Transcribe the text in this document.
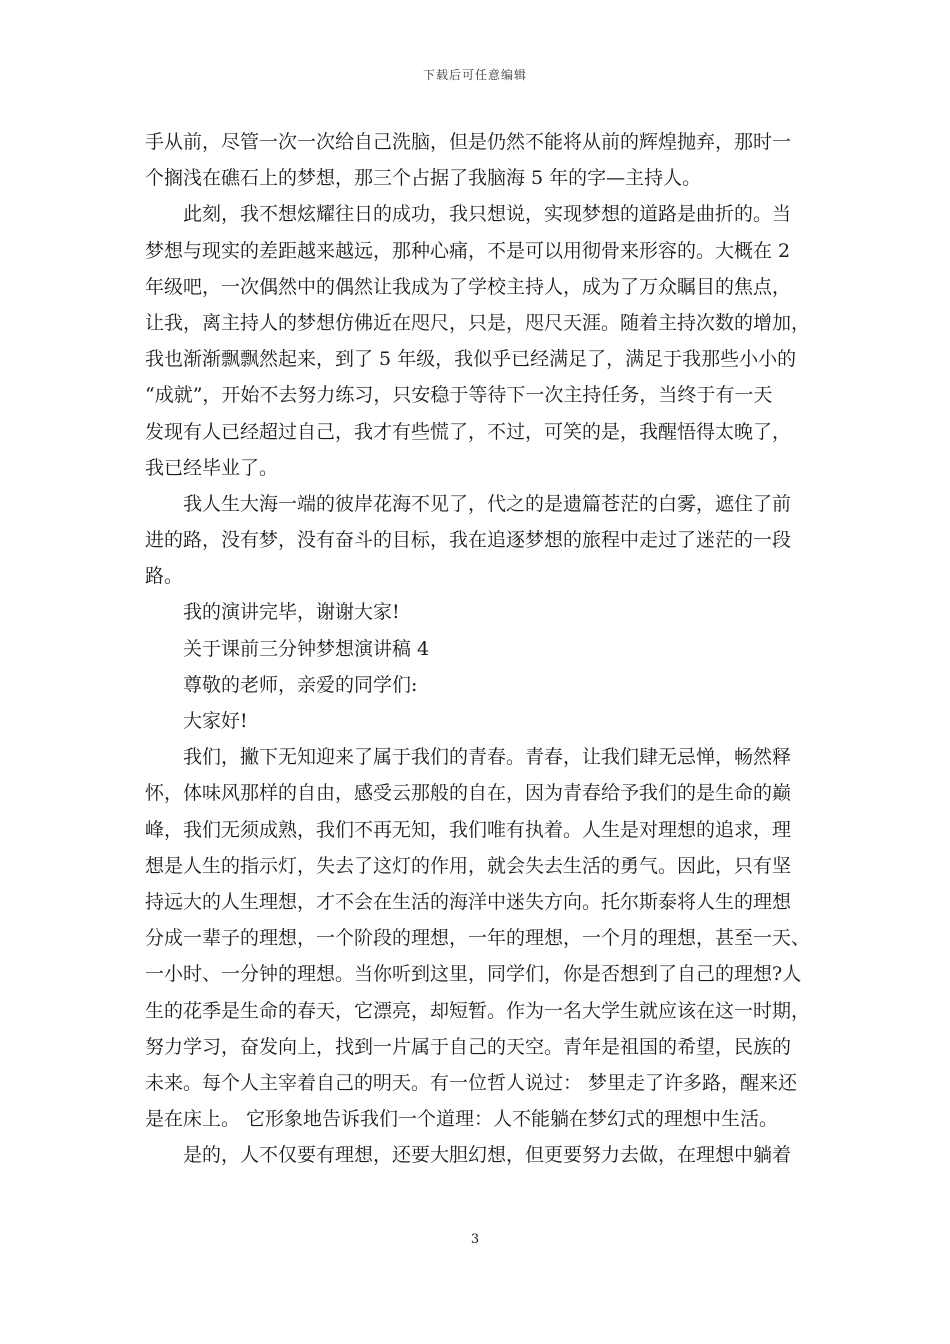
下载后可任意编辑
手从前，尽管一次一次给自己洗脑，但是仍然不能将从前的辉煌抛弃，那时一
个搁浅在礁石上的梦想，那三个占据了我脑海 5 年的字—主持人。
此刻，我不想炫耀往日的成功，我只想说，实现梦想的道路是曲折的。当
梦想与现实的差距越来越远，那种心痛，不是可以用彻骨来形容的。大概在 2
年级吧，一次偶然中的偶然让我成为了学校主持人，成为了万众瞩目的焦点，
让我，离主持人的梦想仿佛近在咫尺，只是，咫尺天涯。随着主持次数的增加，
我也渐渐飘飘然起来，到了 5 年级，我似乎已经满足了，满足于我那些小小的
“成就”，开始不去努力练习，只安稳于等待下一次主持任务，当终于有一天
发现有人已经超过自己，我才有些慌了，不过，可笑的是，我醒悟得太晚了，
我已经毕业了。
我人生大海一端的彼岸花海不见了，代之的是遗篇苍茫的白雾，遮住了前
进的路，没有梦，没有奋斗的目标，我在追逐梦想的旅程中走过了迷茫的一段
路。
我的演讲完毕，谢谢大家!
关于课前三分钟梦想演讲稿 4
尊敬的老师，亲爱的同学们:
大家好!
我们，撇下无知迎来了属于我们的青春。青春，让我们肆无忌惮，畅然释
怀，体味风那样的自由，感受云那般的自在，因为青春给予我们的是生命的巅
峰，我们无须成熟，我们不再无知，我们唯有执着。人生是对理想的追求，理
想是人生的指示灯，失去了这灯的作用，就会失去生活的勇气。因此，只有坚
持远大的人生理想，才不会在生活的海洋中迷失方向。托尔斯泰将人生的理想
分成一辈子的理想，一个阶段的理想，一年的理想，一个月的理想，甚至一天、
一小时、一分钟的理想。当你听到这里，同学们，你是否想到了自己的理想?人
生的花季是生命的春天，它漂亮，却短暂。作为一名大学生就应该在这一时期，
努力学习，奋发向上，找到一片属于自己的天空。青年是祖国的希望，民族的
未来。每个人主宰着自己的明天。有一位哲人说过： 梦里走了许多路，醒来还
是在床上。 它形象地告诉我们一个道理：人不能躺在梦幻式的理想中生活。
是的，人不仅要有理想，还要大胆幻想，但更要努力去做，在理想中躺着
3
